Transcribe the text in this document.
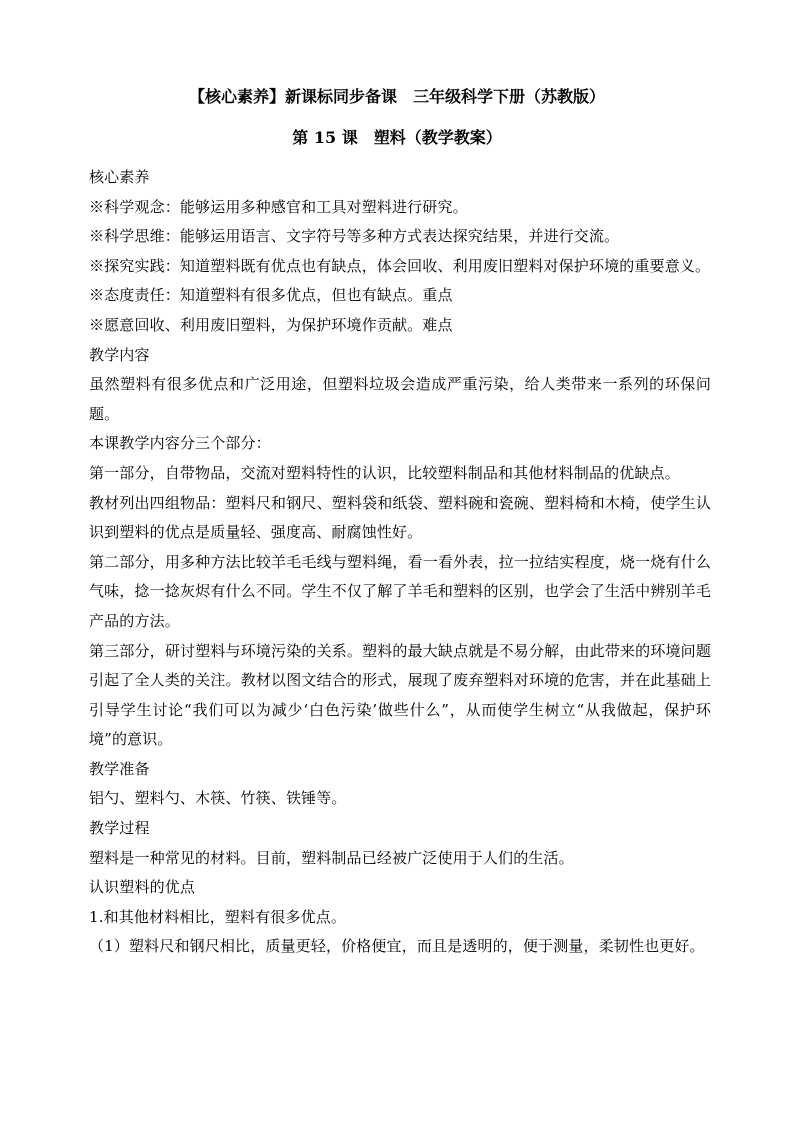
【核心素养】新课标同步备课　三年级科学下册（苏教版）
第 15 课　塑料（教学教案）

核心素养

※科学观念：能够运用多种感官和工具对塑料进行研究。

※科学思维：能够运用语言、文字符号等多种方式表达探究结果，并进行交流。

※探究实践：知道塑料既有优点也有缺点，体会回收、利用废旧塑料对保护环境的重要意义。

※态度责任：知道塑料有很多优点，但也有缺点。重点

※愿意回收、利用废旧塑料，为保护环境作贡献。难点

教学内容

虽然塑料有很多优点和广泛用途，但塑料垃圾会造成严重污染，给人类带来一系列的环保问题。

本课教学内容分三个部分：

第一部分，自带物品，交流对塑料特性的认识，比较塑料制品和其他材料制品的优缺点。

教材列出四组物品：塑料尺和钢尺、塑料袋和纸袋、塑料碗和瓷碗、塑料椅和木椅，使学生认识到塑料的优点是质量轻、强度高、耐腐蚀性好。

第二部分，用多种方法比较羊毛毛线与塑料绳，看一看外表，拉一拉结实程度，烧一烧有什么气味，捻一捻灰烬有什么不同。学生不仅了解了羊毛和塑料的区别，也学会了生活中辨别羊毛产品的方法。

第三部分，研讨塑料与环境污染的关系。塑料的最大缺点就是不易分解，由此带来的环境问题引起了全人类的关注。教材以图文结合的形式，展现了废弃塑料对环境的危害，并在此基础上引导学生讨论“我们可以为减少‘白色污染’做些什么”，从而使学生树立“从我做起，保护环境”的意识。

教学准备

铝勺、塑料勺、木筷、竹筷、铁锤等。

教学过程

塑料是一种常见的材料。目前，塑料制品已经被广泛使用于人们的生活。

认识塑料的优点

1.和其他材料相比，塑料有很多优点。

（1）塑料尺和钢尺相比，质量更轻，价格便宜，而且是透明的，便于测量，柔韧性也更好。
